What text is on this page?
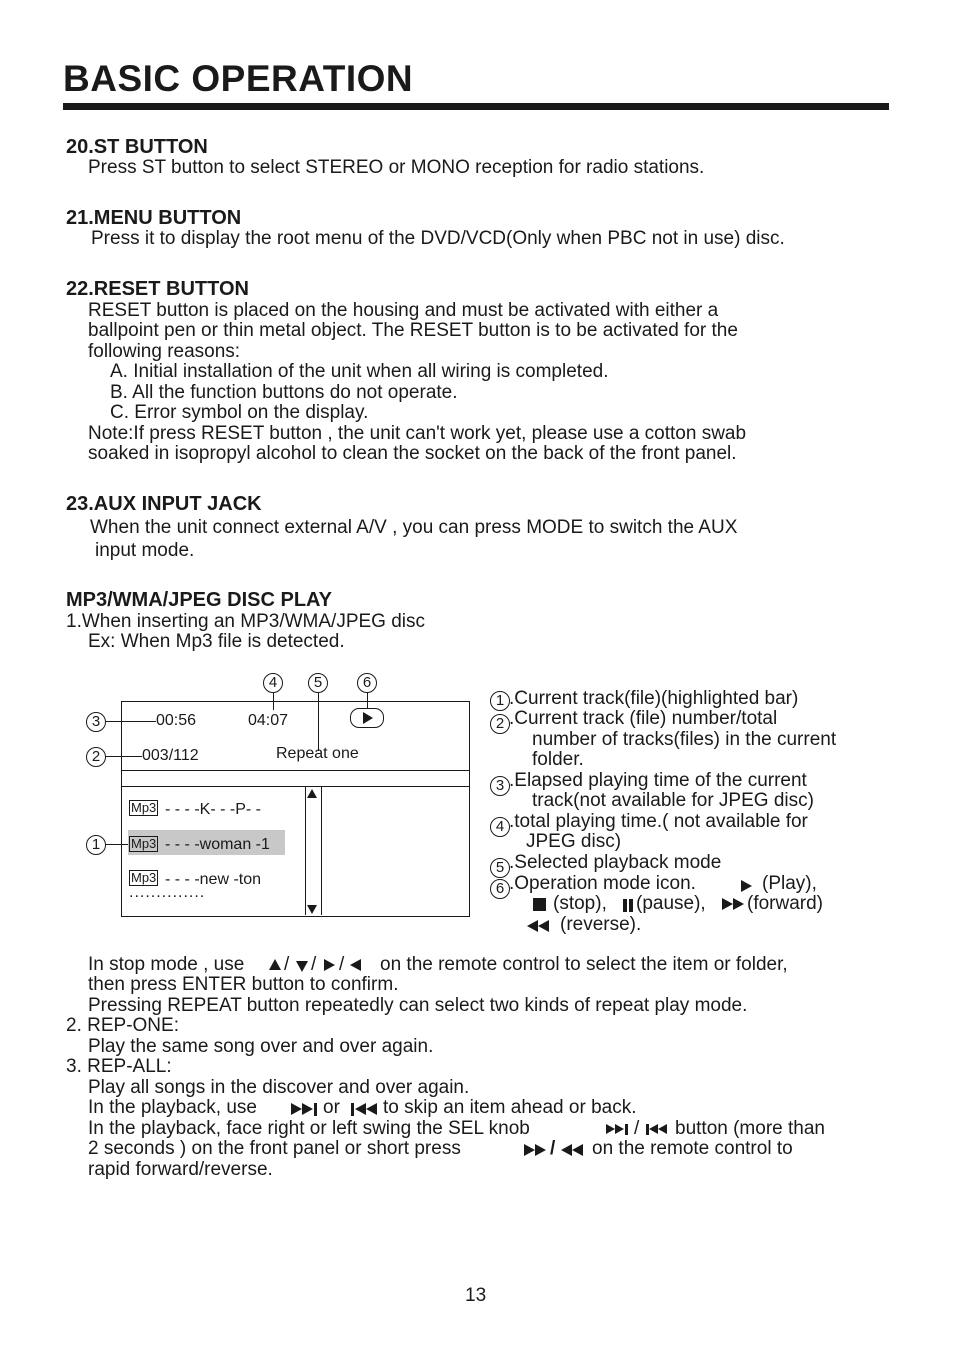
BASIC OPERATION
20.ST BUTTON
Press ST button to select STEREO or MONO reception for radio stations.
21.MENU BUTTON
Press it to display the root menu of the DVD/VCD(Only when PBC not in use) disc.
22.RESET BUTTON
RESET button is placed on the housing and must be activated with either a
ballpoint pen or thin metal object. The RESET button is to be activated for the
following reasons:
A. Initial installation of the unit when all wiring is completed.
B. All the function buttons do not operate.
C. Error symbol on the display.
Note:If press RESET button , the unit can't work yet, please use a cotton swab
soaked in isopropyl alcohol to clean the socket on the back of the front panel.
23.AUX INPUT JACK
When the unit connect external A/V , you can press MODE to switch the AUX
input mode.
MP3/WMA/JPEG DISC PLAY
1.When inserting an MP3/WMA/JPEG disc
Ex: When Mp3 file is detected.
4	5	6
3
2
1
00:56	04:07
003/112	Repeat one
Mp3 - - - -K- - -P- -
Mp3 - - - -woman -1
Mp3 - - - -new -ton
..............
1 .Current track(file)(highlighted bar)
2 .Current track (file) number/total
number of tracks(files) in the current
folder.
3 .Elapsed playing time of the current
track(not available for JPEG disc)
4 .total playing time.( not available for
JPEG disc)
5 .Selected playback mode
6 .Operation mode icon.	(Play),
(stop), (pause), (forward)
(reverse).
In stop mode , use / / / on the remote control to select the item or folder,
then press ENTER button to confirm.
Pressing REPEAT button repeatedly can select two kinds of repeat play mode.
2. REP-ONE:
Play the same song over and over again.
3. REP-ALL:
Play all songs in the discover and over again.
In the playback, use	or to skip an item ahead or back.
In the playback, face right or left swing the SEL knob	/ button (more than
2 seconds ) on the front panel or short press	/ on the remote control to
rapid forward/reverse.
13
